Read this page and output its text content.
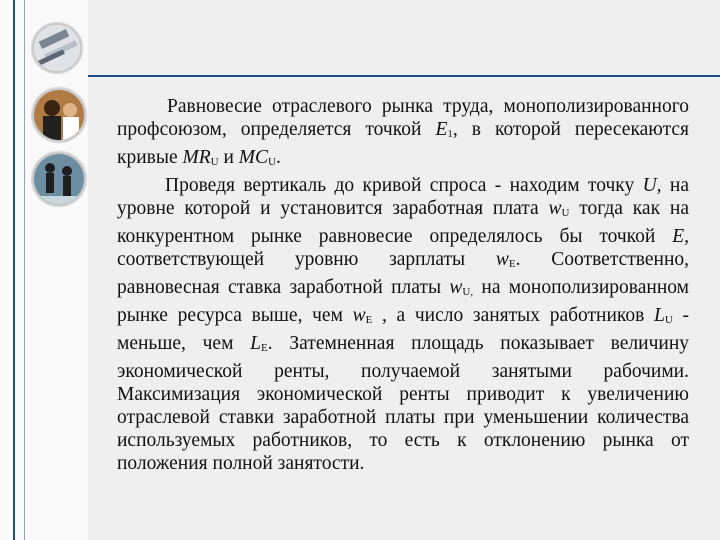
Равновесие отраслевого рынка труда, монополизированного профсоюзом, определяется точкой $E_1$, в которой пересекаются кривые $MR_U$ и $MC_U$.

Проведя вертикаль до кривой спроса - находим точку U, на уровне которой и установится заработная плата $w_U$ тогда как на конкурентном рынке равновесие определялось бы точкой E, соответствующей уровню зарплаты $w_E$. Соответственно, равновесная ставка заработной платы $w_{U,}$ на монополизированном рынке ресурса выше, чем $w_E$ , а число занятых работников $L_U$ - меньше, чем $L_E$. Затемненная площадь показывает величину экономической ренты, получаемой занятыми рабочими. Максимизация экономической ренты приводит к увеличению отраслевой ставки заработной платы при уменьшении количества используемых работников, то есть к отклонению рынка от положения полной занятости.
